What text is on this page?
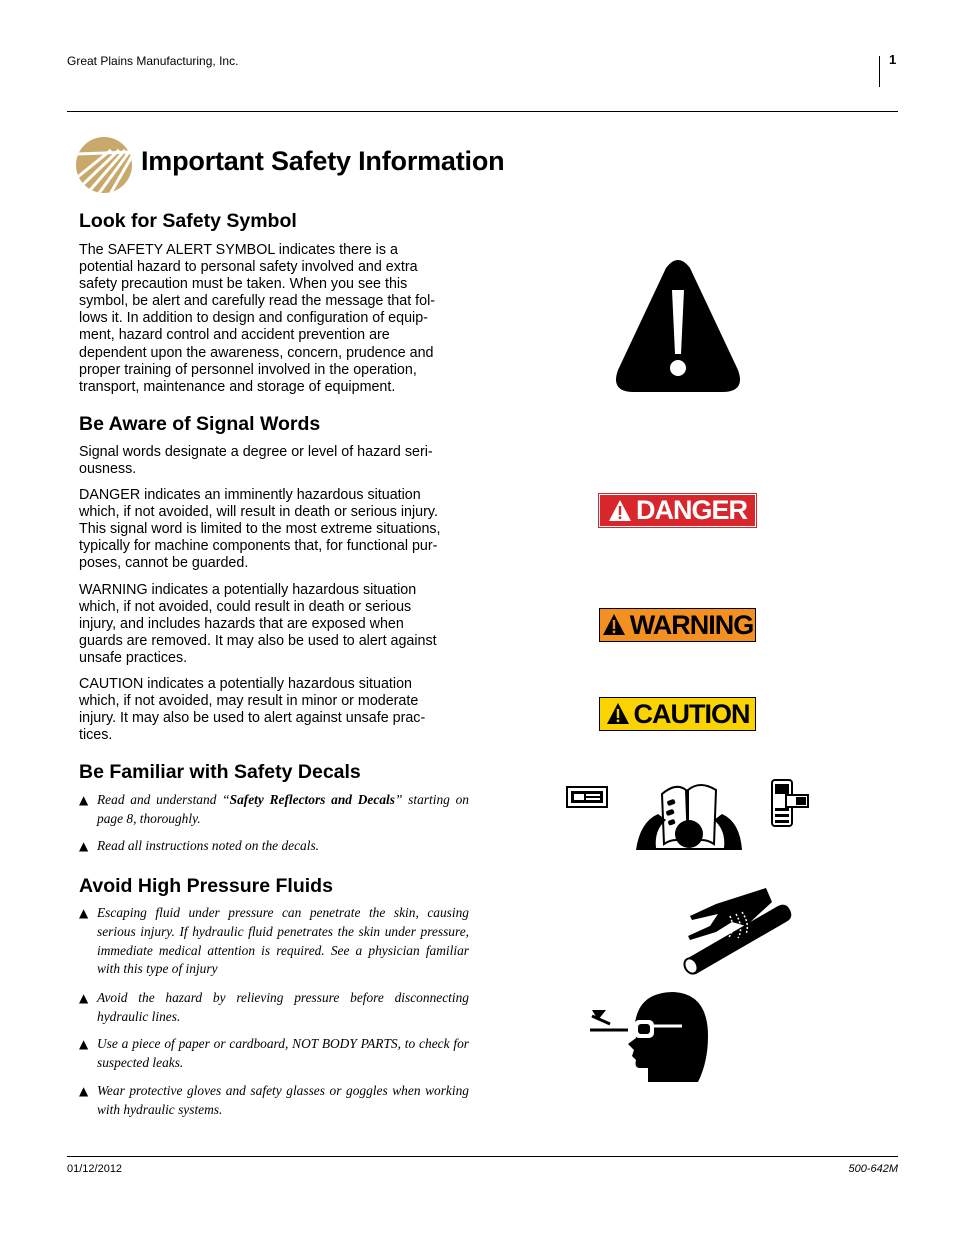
Great Plains Manufacturing, Inc.	1
Important Safety Information
Look for Safety Symbol
The SAFETY ALERT SYMBOL indicates there is a
potential hazard to personal safety involved and extra
safety precaution must be taken. When you see this
symbol, be alert and carefully read the message that fol-
lows it. In addition to design and configuration of equip-
ment, hazard control and accident prevention are
dependent upon the awareness, concern, prudence and
proper training of personnel involved in the operation,
transport, maintenance and storage of equipment.
Be Aware of Signal Words
Signal words designate a degree or level of hazard seri-
ousness.
DANGER indicates an imminently hazardous situation
which, if not avoided, will result in death or serious injury.
This signal word is limited to the most extreme situations,
typically for machine components that, for functional pur-
poses, cannot be guarded.
WARNING indicates a potentially hazardous situation
which, if not avoided, could result in death or serious
injury, and includes hazards that are exposed when
guards are removed. It may also be used to alert against
unsafe practices.
CAUTION indicates a potentially hazardous situation
which, if not avoided, may result in minor or moderate
injury. It may also be used to alert against unsafe prac-
tices.
Be Familiar with Safety Decals
▲ Read and understand “Safety Reflectors and Decals” starting on page 8, thoroughly.
▲ Read all instructions noted on the decals.
Avoid High Pressure Fluids
▲ Escaping fluid under pressure can penetrate the skin, causing serious injury. If hydraulic fluid penetrates the skin under pressure, immediate medical attention is required. See a physician familiar with this type of injury
▲ Avoid the hazard by relieving pressure before disconnecting hydraulic lines.
▲ Use a piece of paper or cardboard, NOT BODY PARTS, to check for suspected leaks.
▲ Wear protective gloves and safety glasses or goggles when working with hydraulic systems.
DANGER
WARNING
CAUTION
01/12/2012	500-642M
